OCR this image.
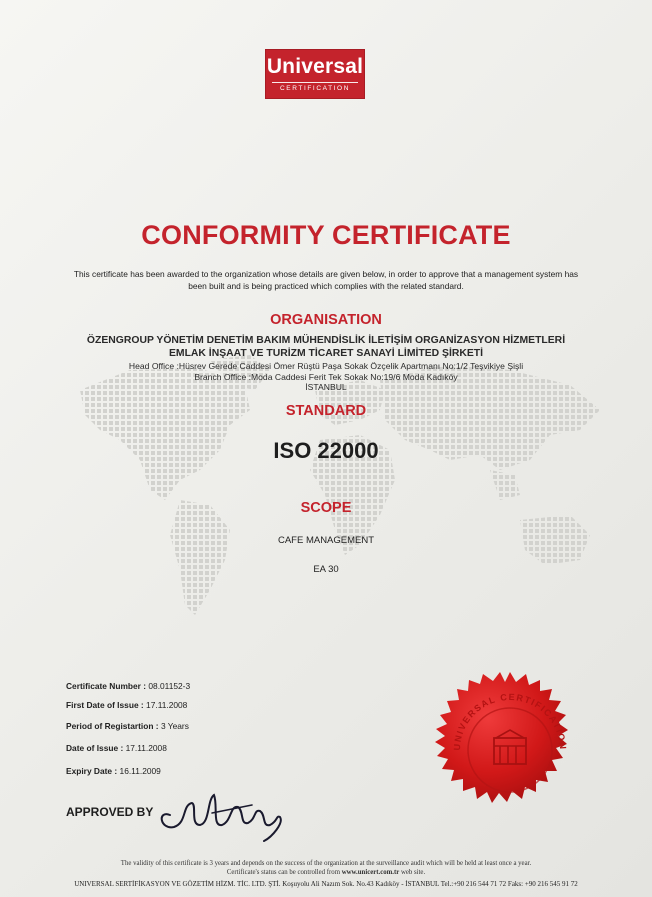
Universal
CERTIFICATION
CONFORMITY CERTIFICATE
This certificate has been awarded to the organization whose details are given below, in order to approve that a management system has
been built and is being practiced which complies with the related standard.
ORGANISATION
ÖZENGROUP YÖNETİM DENETİM BAKIM MÜHENDİSLİK İLETİŞİM ORGANİZASYON HİZMETLERİ
EMLAK İNŞAAT VE TURİZM TİCARET SANAYİ LİMİTED ŞİRKETİ
Head Office :Hüsrev Gerede Caddesi Ömer Rüştü Paşa Sokak Özçelik Apartmanı No:1/2 Teşvikiye Şişli
Branch Office :Moda Caddesi Ferit Tek Sokak No:19/6 Moda Kadıköy
İSTANBUL
STANDARD
ISO 22000
SCOPE
CAFE MANAGEMENT
EA 30
Certificate Number : 08.01152-3
First Date of Issue : 17.11.2008
Period of Registartion : 3 Years
Date of Issue : 17.11.2008
Expiry Date : 16.11.2009
APPROVED BY
UNIVERSAL CERTIFICATION
The validity of this certificate is 3 years and depends on the success of the organization at the surveillance audit which will be held at least once a year.
Certificate's status can be controlled from www.unicert.com.tr web site.
UNIVERSAL SERTİFİKASYON VE GÖZETİM HİZM. TİC. LTD. ŞTİ. Koşuyolu Ali Nazım Sok. No.43 Kadıköy - İSTANBUL Tel.:+90 216 544 71 72 Faks: +90 216 545 91 72
